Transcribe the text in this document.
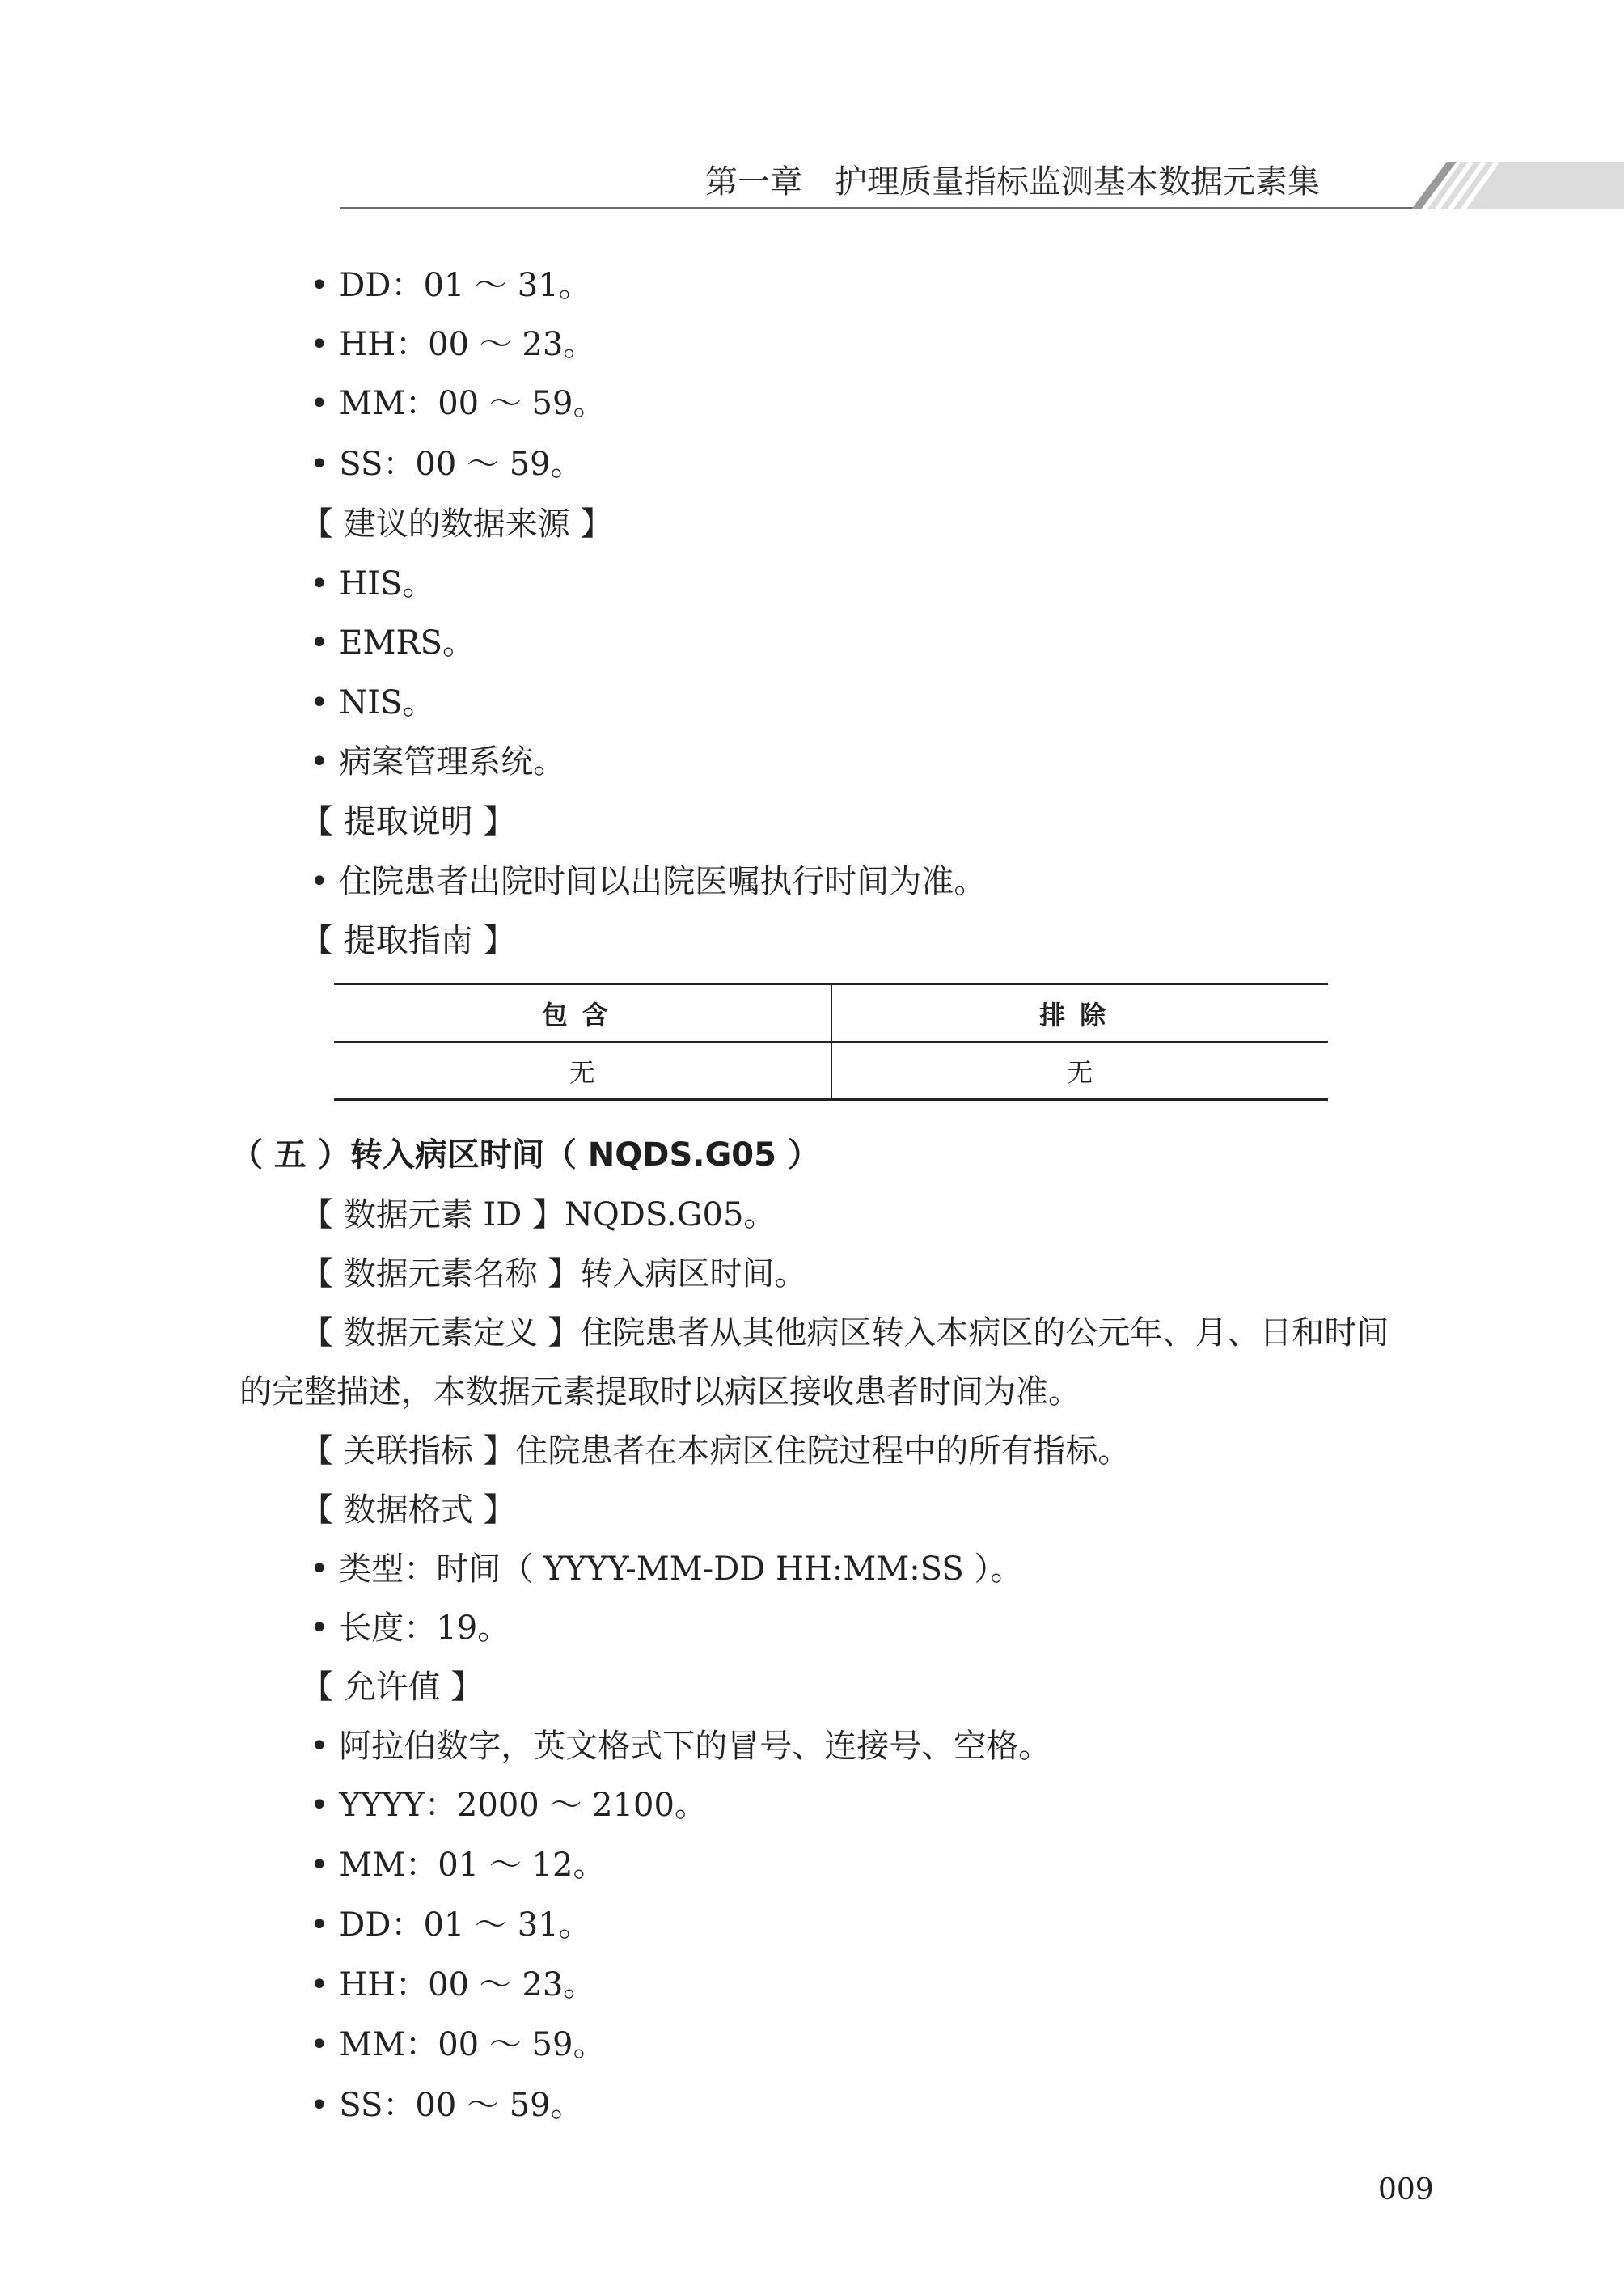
第一章　护理质量指标监测基本数据元素集
• DD：01 ～ 31。
• HH：00 ～ 23。
• MM：00 ～ 59。
• SS：00 ～ 59。
【 建议的数据来源 】
• HIS。
• EMRS。
• NIS。
• 病案管理系统。
【 提取说明 】
• 住院患者出院时间以出院医嘱执行时间为准。
【 提取指南 】
包含	排除
无	无
（ 五 ）转入病区时间（ NQDS.G05 ）
【 数据元素 ID 】NQDS.G05。
【 数据元素名称 】转入病区时间。
【 数据元素定义 】住院患者从其他病区转入本病区的公元年、月、日和时间
的完整描述，本数据元素提取时以病区接收患者时间为准。
【 关联指标 】住院患者在本病区住院过程中的所有指标。
【 数据格式 】
• 类型：时间（ YYYY-MM-DD HH:MM:SS ）。
• 长度：19。
【 允许值 】
• 阿拉伯数字，英文格式下的冒号、连接号、空格。
• YYYY：2000 ～ 2100。
• MM：01 ～ 12。
• DD：01 ～ 31。
• HH：00 ～ 23。
• MM：00 ～ 59。
• SS：00 ～ 59。
009
